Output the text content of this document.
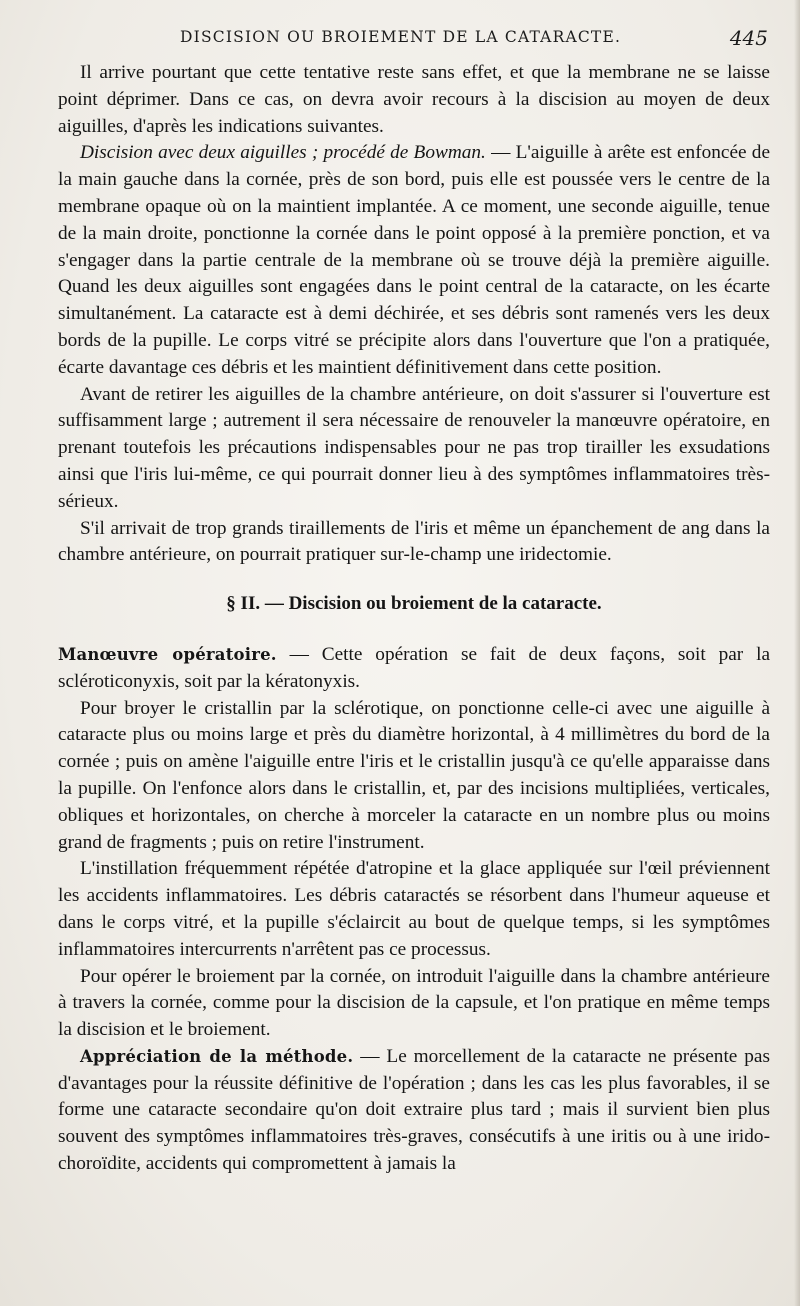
DISCISION OU BROIEMENT DE LA CATARACTE.	445

Il arrive pourtant que cette tentative reste sans effet, et que la membrane ne se laisse point déprimer. Dans ce cas, on devra avoir recours à la discision au moyen de deux aiguilles, d'après les indications suivantes.

Discision avec deux aiguilles ; procédé de Bowman. — L'aiguille à arête est enfoncée de la main gauche dans la cornée, près de son bord, puis elle est poussée vers le centre de la membrane opaque où on la maintient implantée. A ce moment, une seconde aiguille, tenue de la main droite, ponctionne la cornée dans le point opposé à la première ponction, et va s'engager dans la partie centrale de la membrane où se trouve déjà la première aiguille. Quand les deux aiguilles sont engagées dans le point central de la cataracte, on les écarte simultanément. La cataracte est à demi déchirée, et ses débris sont ramenés vers les deux bords de la pupille. Le corps vitré se précipite alors dans l'ouverture que l'on a pratiquée, écarte davantage ces débris et les maintient définitivement dans cette position.

Avant de retirer les aiguilles de la chambre antérieure, on doit s'assurer si l'ouverture est suffisamment large ; autrement il sera nécessaire de renouveler la manœuvre opératoire, en prenant toutefois les précautions indispensables pour ne pas trop tirailler les exsudations ainsi que l'iris lui-même, ce qui pourrait donner lieu à des symptômes inflammatoires très-sérieux.

S'il arrivait de trop grands tiraillements de l'iris et même un épanchement de ang dans la chambre antérieure, on pourrait pratiquer sur-le-champ une iridectomie.

§ II. — Discision ou broiement de la cataracte.

Manœuvre opératoire. — Cette opération se fait de deux façons, soit par la scléroticonyxis, soit par la kératonyxis.

Pour broyer le cristallin par la sclérotique, on ponctionne celle-ci avec une aiguille à cataracte plus ou moins large et près du diamètre horizontal, à 4 millimètres du bord de la cornée ; puis on amène l'aiguille entre l'iris et le cristallin jusqu'à ce qu'elle apparaisse dans la pupille. On l'enfonce alors dans le cristallin, et, par des incisions multipliées, verticales, obliques et horizontales, on cherche à morceler la cataracte en un nombre plus ou moins grand de fragments ; puis on retire l'instrument.

L'instillation fréquemment répétée d'atropine et la glace appliquée sur l'œil préviennent les accidents inflammatoires. Les débris cataractés se résorbent dans l'humeur aqueuse et dans le corps vitré, et la pupille s'éclaircit au bout de quelque temps, si les symptômes inflammatoires intercurrents n'arrêtent pas ce processus.

Pour opérer le broiement par la cornée, on introduit l'aiguille dans la chambre antérieure à travers la cornée, comme pour la discision de la capsule, et l'on pratique en même temps la discision et le broiement.

Appréciation de la méthode. — Le morcellement de la cataracte ne présente pas d'avantages pour la réussite définitive de l'opération ; dans les cas les plus favorables, il se forme une cataracte secondaire qu'on doit extraire plus tard ; mais il survient bien plus souvent des symptômes inflammatoires très-graves, consécutifs à une iritis ou à une irido-choroïdite, accidents qui compromettent à jamais la
